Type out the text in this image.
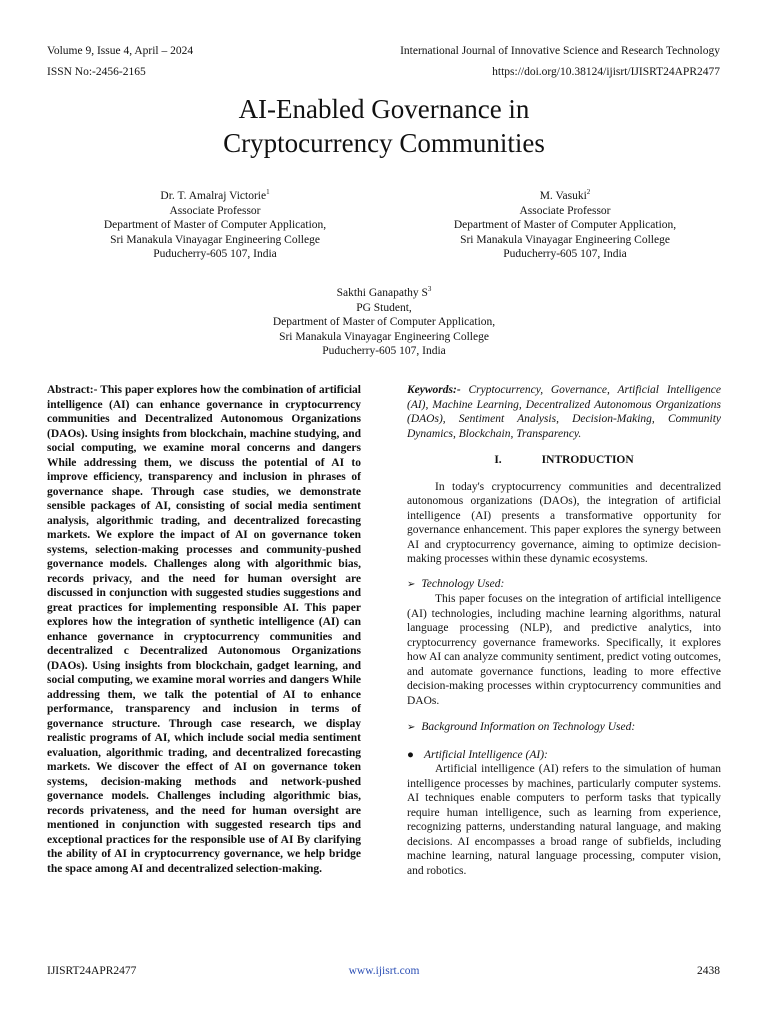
Volume 9, Issue 4, April – 2024	International Journal of Innovative Science and Research Technology
ISSN No:-2456-2165	https://doi.org/10.38124/ijisrt/IJISRT24APR2477
AI-Enabled Governance in
Cryptocurrency Communities
Dr. T. Amalraj Victorie$^1$
Associate Professor
Department of Master of Computer Application,
Sri Manakula Vinayagar Engineering College
Puducherry-605 107, India
M. Vasuki$^2$
Associate Professor
Department of Master of Computer Application,
Sri Manakula Vinayagar Engineering College
Puducherry-605 107, India
Sakthi Ganapathy $S^3$
PG Student,
Department of Master of Computer Application,
Sri Manakula Vinayagar Engineering College
Puducherry-605 107, India
Abstract:- This paper explores how the combination of artificial intelligence (AI) can enhance governance in cryptocurrency communities and Decentralized Autonomous Organizations (DAOs). Using insights from blockchain, machine studying, and social computing, we examine moral concerns and dangers While addressing them, we discuss the potential of AI to improve efficiency, transparency and inclusion in phrases of governance shape. Through case studies, we demonstrate sensible packages of AI, consisting of social media sentiment analysis, algorithmic trading, and decentralized forecasting markets. We explore the impact of AI on governance token systems, selection-making processes and community-pushed governance models. Challenges along with algorithmic bias, records privacy, and the need for human oversight are discussed in conjunction with suggested studies suggestions and great practices for implementing responsible AI. This paper explores how the integration of synthetic intelligence (AI) can enhance governance in cryptocurrency communities and decentralized c Decentralized Autonomous Organizations (DAOs). Using insights from blockchain, gadget learning, and social computing, we examine moral worries and dangers While addressing them, we talk the potential of AI to enhance performance, transparency and inclusion in terms of governance structure. Through case research, we display realistic programs of AI, which include social media sentiment evaluation, algorithmic trading, and decentralized forecasting markets. We discover the effect of AI on governance token systems, decision-making methods and network-pushed governance models. Challenges including algorithmic bias, records privateness, and the need for human oversight are mentioned in conjunction with suggested research tips and exceptional practices for the responsible use of AI By clarifying the ability of AI in cryptocurrency governance, we help bridge the space among AI and decentralized selection-making.
Keywords:- Cryptocurrency, Governance, Artificial Intelligence (AI), Machine Learning, Decentralized Autonomous Organizations (DAOs), Sentiment Analysis, Decision-Making, Community Dynamics, Blockchain, Transparency.
I.	INTRODUCTION

In today's cryptocurrency communities and decentralized autonomous organizations (DAOs), the integration of artificial intelligence (AI) presents a transformative opportunity for governance enhancement. This paper explores the synergy between AI and cryptocurrency governance, aiming to optimize decision-making processes within these dynamic ecosystems.

➢ Technology Used:

This paper focuses on the integration of artificial intelligence (AI) technologies, including machine learning algorithms, natural language processing (NLP), and predictive analytics, into cryptocurrency governance frameworks. Specifically, it explores how AI can analyze community sentiment, predict voting outcomes, and automate governance functions, leading to more effective decision-making processes within cryptocurrency communities and DAOs.

➢ Background Information on Technology Used:
● Artificial Intelligence (AI):

Artificial intelligence (AI) refers to the simulation of human intelligence processes by machines, particularly computer systems. AI techniques enable computers to perform tasks that typically require human intelligence, such as learning from experience, recognizing patterns, understanding natural language, and making decisions. AI encompasses a broad range of subfields, including machine learning, natural language processing, computer vision, and robotics.

IJISRT24APR2477	www.ijisrt.com	2438
